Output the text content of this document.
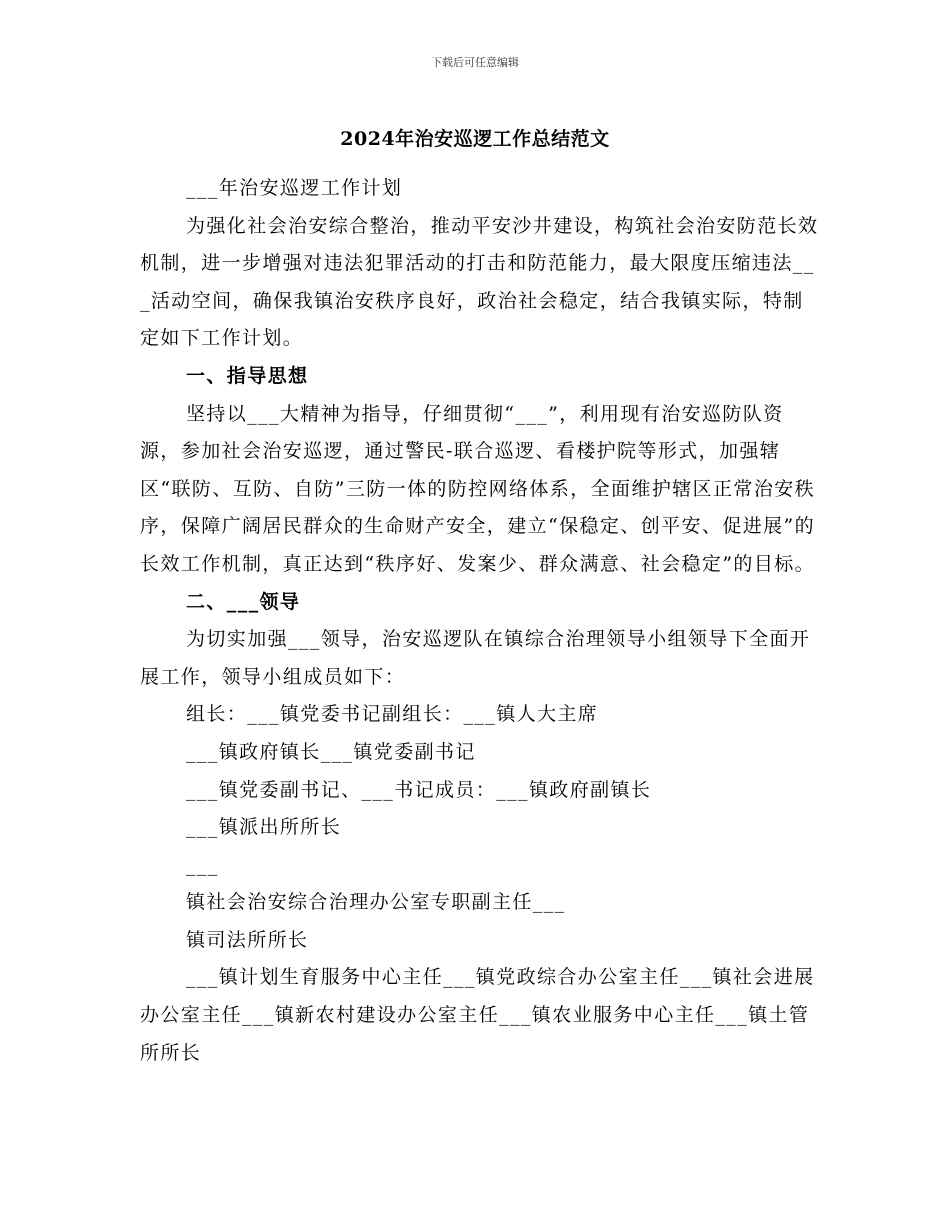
下载后可任意编辑
2024年治安巡逻工作总结范文

___年治安巡逻工作计划

为强化社会治安综合整治，推动平安沙井建设，构筑社会治安防范长效机制，进一步增强对违法犯罪活动的打击和防范能力，最大限度压缩违法___活动空间，确保我镇治安秩序良好，政治社会稳定，结合我镇实际，特制定如下工作计划。

一、指导思想

坚持以___大精神为指导，仔细贯彻“___”，利用现有治安巡防队资源，参加社会治安巡逻，通过警民-联合巡逻、看楼护院等形式，加强辖区“联防、互防、自防”三防一体的防控网络体系，全面维护辖区正常治安秩序，保障广阔居民群众的生命财产安全，建立“保稳定、创平安、促进展”的长效工作机制，真正达到“秩序好、发案少、群众满意、社会稳定”的目标。

二、___领导

为切实加强___领导，治安巡逻队在镇综合治理领导小组领导下全面开展工作，领导小组成员如下：

组长：___镇党委书记副组长：___镇人大主席

___镇政府镇长___镇党委副书记

___镇党委副书记、___书记成员：___镇政府副镇长

___镇派出所所长

___

镇社会治安综合治理办公室专职副主任___

镇司法所所长

___镇计划生育服务中心主任___镇党政综合办公室主任___镇社会进展办公室主任___镇新农村建设办公室主任___镇农业服务中心主任___镇土管所所长
